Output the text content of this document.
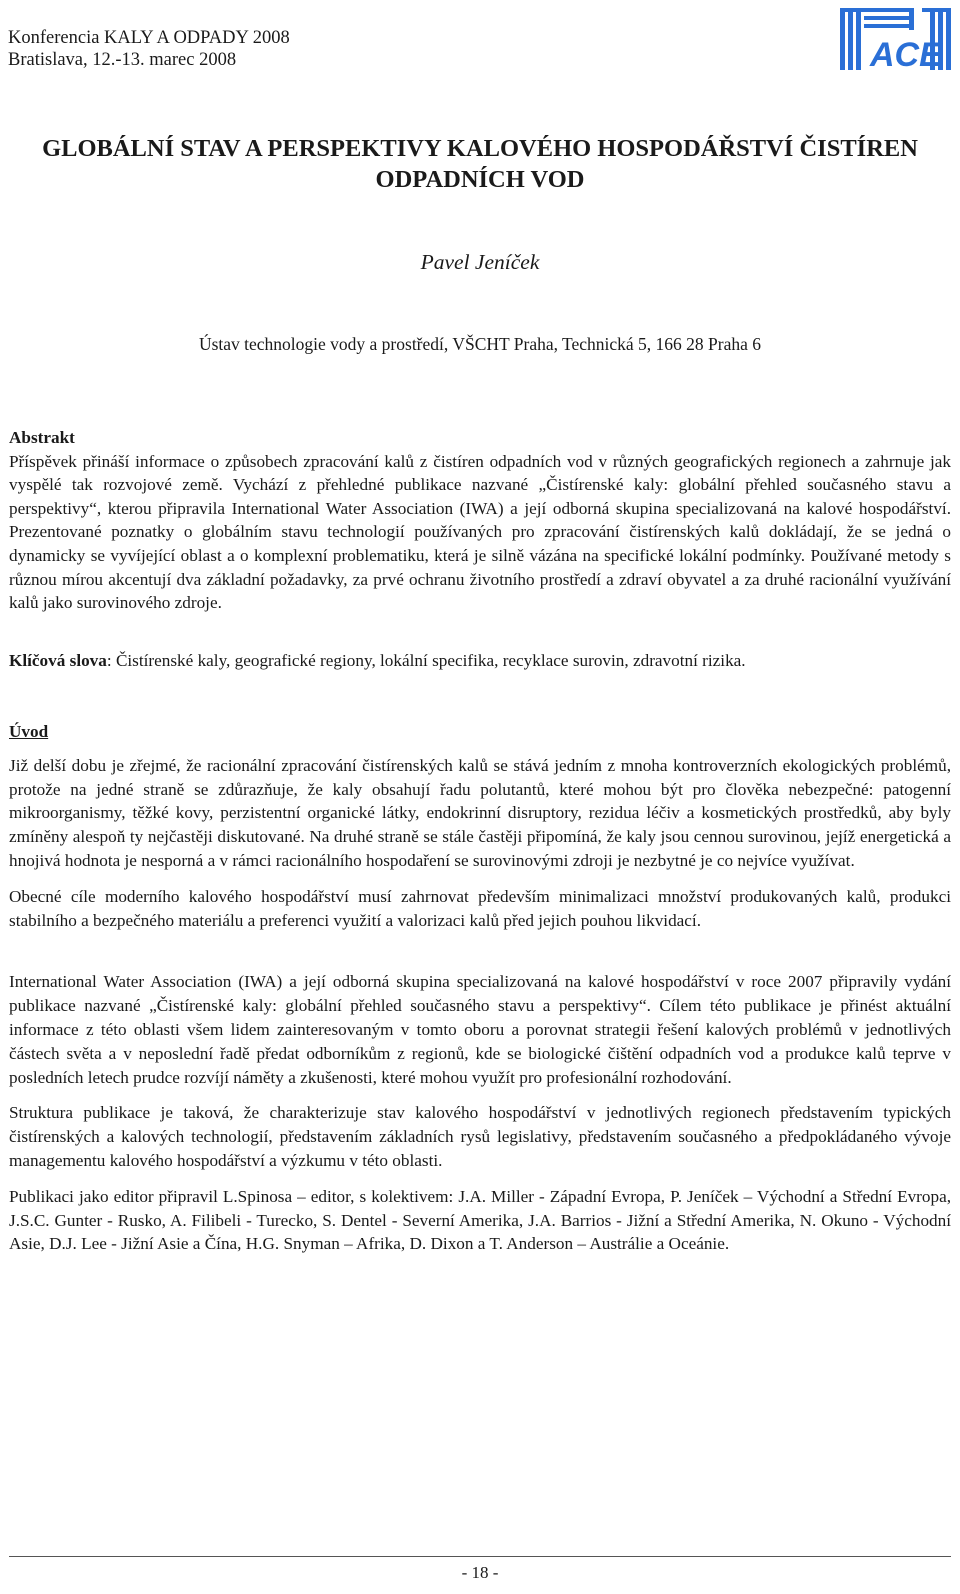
Konferencia KALY A ODPADY 2008
Bratislava, 12.-13. marec 2008	ACE
GLOBÁLNÍ STAV A PERSPEKTIVY KALOVÉHO HOSPODÁŘSTVÍ ČISTÍREN
ODPADNÍCH VOD
Pavel Jeníček
Ústav technologie vody a prostředí, VŠCHT Praha, Technická 5, 166 28 Praha 6
Abstrakt

Příspěvek přináší informace o způsobech zpracování kalů z čistíren odpadních vod v různých geografických regionech a zahrnuje jak vyspělé tak rozvojové země. Vychází z přehledné publikace nazvané „Čistírenské kaly: globální přehled současného stavu a perspektivy“, kterou připravila International Water Association (IWA) a její odborná skupina specializovaná na kalové hospodářství. Prezentované poznatky o globálním stavu technologií používaných pro zpracování čistírenských kalů dokládají, že se jedná o dynamicky se vyvíjející oblast a o komplexní problematiku, která je silně vázána na specifické lokální podmínky. Používané metody s různou mírou akcentují dva základní požadavky, za prvé ochranu životního prostředí a zdraví obyvatel a za druhé racionální využívání kalů jako surovinového zdroje.

Klíčová slova: Čistírenské kaly, geografické regiony, lokální specifika, recyklace surovin, zdravotní rizika.
Úvod

Již delší dobu je zřejmé, že racionální zpracování čistírenských kalů se stává jedním z mnoha kontroverzních ekologických problémů, protože na jedné straně se zdůrazňuje, že kaly obsahují řadu polutantů, které mohou být pro člověka nebezpečné: patogenní mikroorganismy, těžké kovy, perzistentní organické látky, endokrinní disruptory, rezidua léčiv a kosmetických prostředků, aby byly zmíněny alespoň ty nejčastěji diskutované. Na druhé straně se stále častěji připomíná, že kaly jsou cennou surovinou, jejíž energetická a hnojivá hodnota je nesporná a v rámci racionálního hospodaření se surovinovými zdroji je nezbytné je co nejvíce využívat.

Obecné cíle moderního kalového hospodářství musí zahrnovat především minimalizaci množství produkovaných kalů, produkci stabilního a bezpečného materiálu a preferenci využití a valorizaci kalů před jejich pouhou likvidací.

International Water Association (IWA) a její odborná skupina specializovaná na kalové hospodářství v roce 2007 připravily vydání publikace nazvané „Čistírenské kaly: globální přehled současného stavu a perspektivy“. Cílem této publikace je přinést aktuální informace z této oblasti všem lidem zainteresovaným v tomto oboru a porovnat strategii řešení kalových problémů v jednotlivých částech světa a v neposlední řadě předat odborníkům z regionů, kde se biologické čištění odpadních vod a produkce kalů teprve v posledních letech prudce rozvíjí náměty a zkušenosti, které mohou využít pro profesionální rozhodování.

Struktura publikace je taková, že charakterizuje stav kalového hospodářství v jednotlivých regionech představením typických čistírenských a kalových technologií, představením základních rysů legislativy, představením současného a předpokládaného vývoje managementu kalového hospodářství a výzkumu v této oblasti.

Publikaci jako editor připravil L.Spinosa – editor, s kolektivem: J.A. Miller - Západní Evropa, P. Jeníček – Východní a Střední Evropa, J.S.C. Gunter - Rusko, A. Filibeli - Turecko, S. Dentel - Severní Amerika, J.A. Barrios - Jižní a Střední Amerika, N. Okuno - Východní Asie, D.J. Lee - Jižní Asie a Čína, H.G. Snyman – Afrika, D. Dixon a T. Anderson – Austrálie a Oceánie.

- 18 -
